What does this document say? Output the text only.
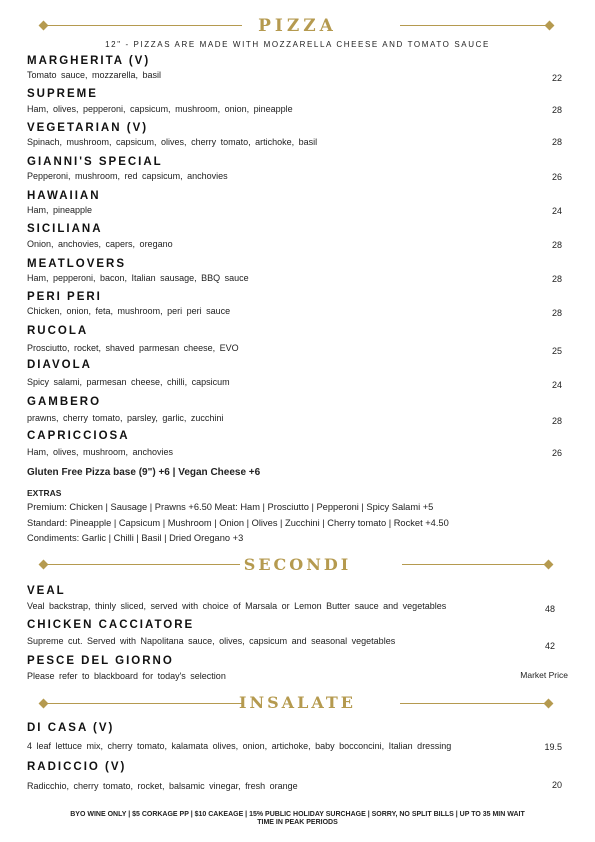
PIZZA
12" - PIZZAS ARE MADE WITH MOZZARELLA CHEESE AND TOMATO SAUCE
MARGHERITA (V)
Tomato sauce, mozzarella, basil	22
SUPREME
Ham, olives, pepperoni, capsicum, mushroom, onion, pineapple	28
VEGETARIAN (V)
Spinach, mushroom, capsicum, olives, cherry tomato, artichoke, basil	28
GIANNI'S SPECIAL
Pepperoni, mushroom, red capsicum, anchovies	26
HAWAIIAN
Ham, pineapple	24
SICILIANA
Onion, anchovies, capers, oregano	28
MEATLOVERS
Ham, pepperoni, bacon, Italian sausage, BBQ sauce	28
PERI PERI
Chicken, onion, feta, mushroom, peri peri sauce	28
RUCOLA
Prosciutto, rocket, shaved parmesan cheese, EVO	25
DIAVOLA
Spicy salami, parmesan cheese, chilli, capsicum	24
GAMBERO
prawns, cherry tomato, parsley, garlic, zucchini	28
CAPRICCIOSA
Ham, olives, mushroom, anchovies	26
Gluten Free Pizza base (9") +6 | Vegan Cheese +6
EXTRAS
Premium: Chicken | Sausage | Prawns +6.50 Meat: Ham | Prosciutto | Pepperoni | Spicy Salami +5
Standard: Pineapple | Capsicum | Mushroom | Onion | Olives | Zucchini | Cherry tomato | Rocket +4.50
Condiments: Garlic | Chilli | Basil | Dried Oregano +3
SECONDI
VEAL
Veal backstrap, thinly sliced, served with choice of Marsala or Lemon Butter sauce and vegetables	48
CHICKEN CACCIATORE
Supreme cut. Served with Napolitana sauce, olives, capsicum and seasonal vegetables	42
PESCE DEL GIORNO
Please refer to blackboard for today's selection	Market Price
INSALATE
DI CASA (V)
4 leaf lettuce mix, cherry tomato, kalamata olives, onion, artichoke, baby bocconcini, Italian dressing	19.5
RADICCIO (V)
Radicchio, cherry tomato, rocket, balsamic vinegar, fresh orange	20
BYO WINE ONLY | $5 CORKAGE PP | $10 CAKEAGE | 15% PUBLIC HOLIDAY SURCHAGE | SORRY, NO SPLIT BILLS | UP TO 35 MIN WAIT
TIME IN PEAK PERIODS
